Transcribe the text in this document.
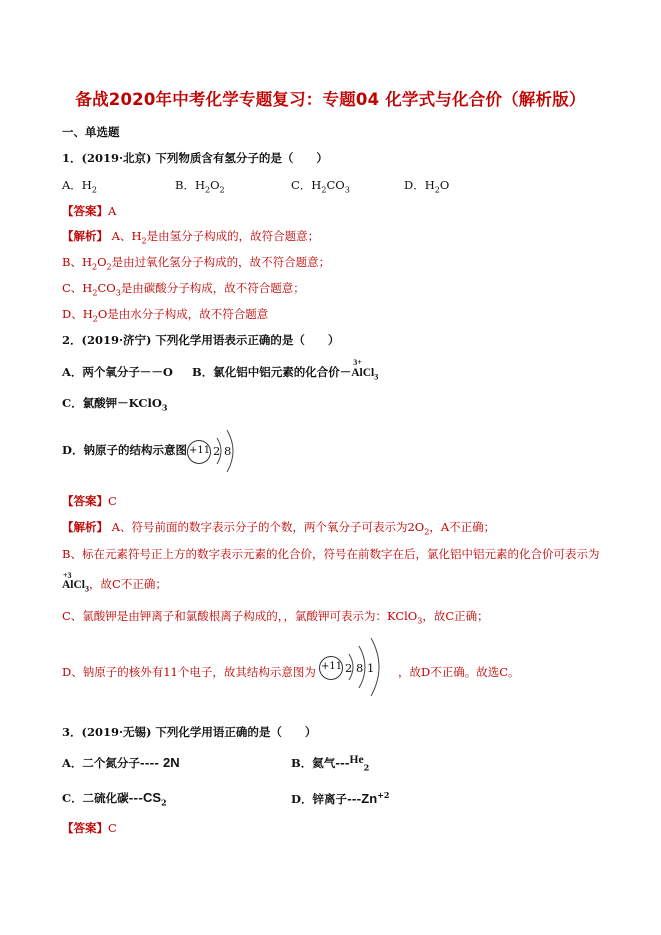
备战2020年中考化学专题复习：专题04 化学式与化合价（解析版）
一、单选题
1．(2019·北京) 下列物质含有氢分子的是（　　）
A．$H_2$	B．$H_2O_2$	C．$H_2CO_3$	D．$H_2O$
【答案】A
【解析】 A、$H_2$是由氢分子构成的，故符合题意；
B、$H_2O_2$是由过氧化氢分子构成的，故不符合题意；
C、$H_2CO_3$是由碳酸分子构成，故不符合题意；
D、$H_2O$是由水分子构成，故不符合题意
2．(2019·济宁) 下列化学用语表示正确的是（　　）
A．两个氧分子－－O B．氯化铝中铝元素的化合价－
3+
AlCl$_3$
C．氯酸钾－KClO$_3$
D．钠原子的结构示意图 +11 2 8
【答案】C
【解析】 A、符号前面的数字表示分子的个数，两个氧分子可表示为$2O_2$，A不正确；
B、标在元素符号正上方的数字表示元素的化合价，符号在前数字在后，氯化铝中铝元素的化合价可表示为
+3
AlCl$_3$，故C不正确；
C、氯酸钾是由钾离子和氯酸根离子构成的，，氯酸钾可表示为：KClO$_3$，故C正确；
D、钠原子的核外有11个电子，故其结构示意图为 +11 2 8 1 ，故D不正确。故选C。
3．(2019·无锡) 下列化学用语正确的是（　　）
A．二个氮分子---- 2N	B．氦气$---He_2$
C．二硫化碳$---CS_2$	D．锌离子$---Zn^{+2}$
【答案】C
